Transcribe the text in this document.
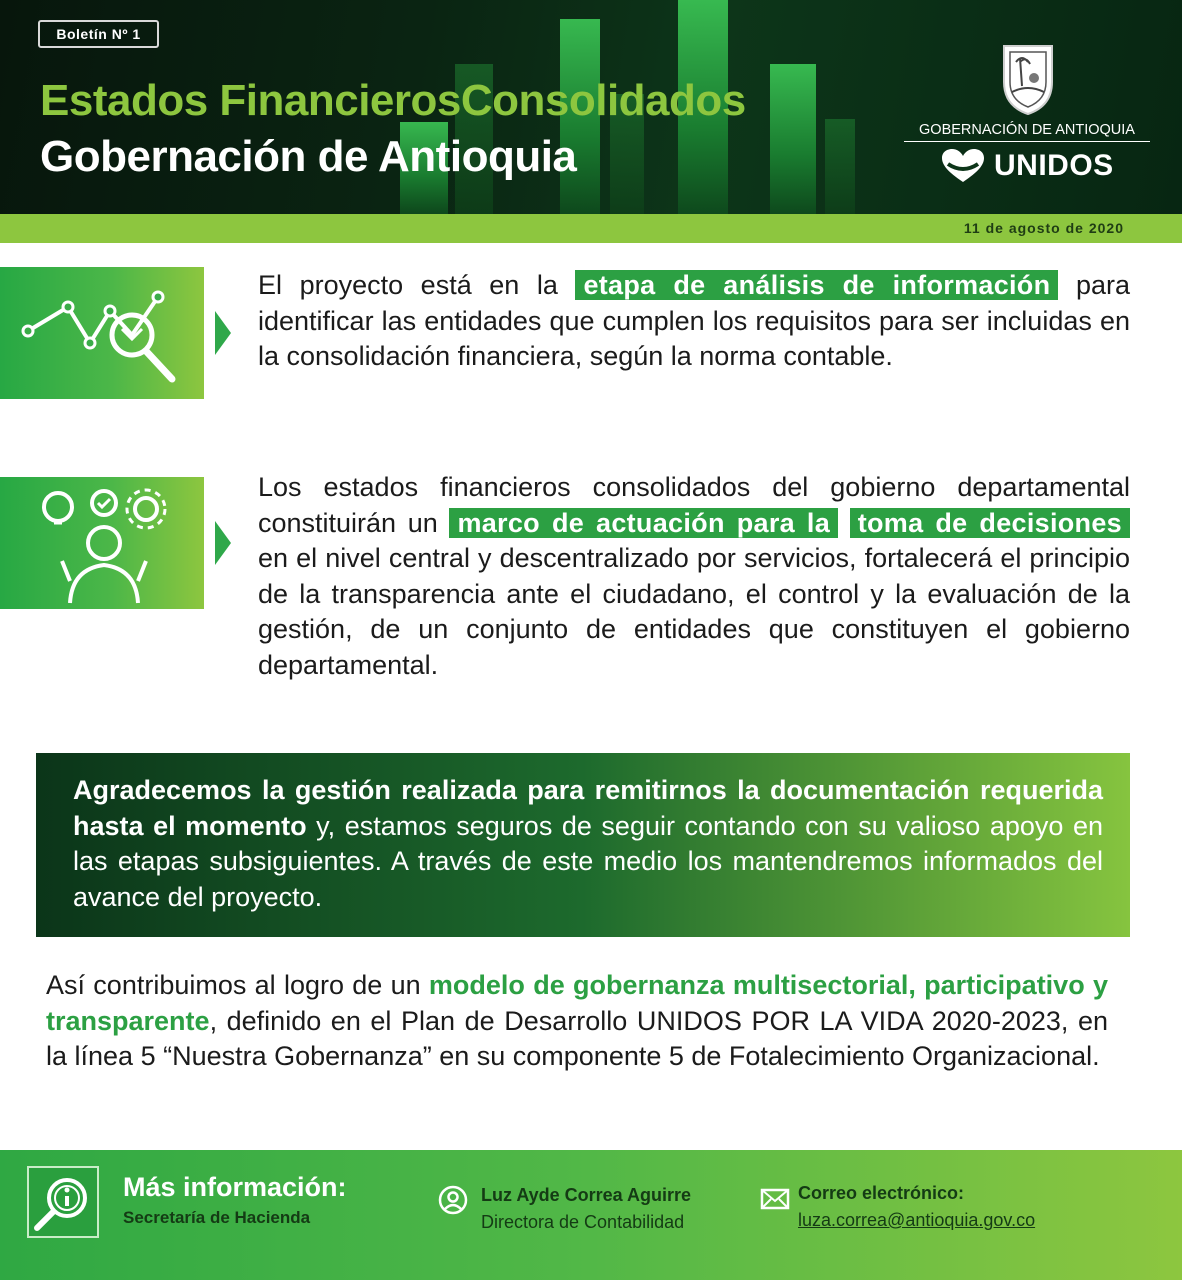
Boletín Nº 1
Estados FinancierosConsolidados
Gobernación de Antioquia
GOBERNACIÓN DE ANTIOQUIA
UNIDOS
11 de agosto de 2020

El proyecto está en la etapa de análisis de información para identificar las entidades que cumplen los requisitos para ser incluidas en la consolidación financiera, según la norma contable.

Los estados financieros consolidados del gobierno departamental constituirán un marco de actuación para la toma de decisiones en el nivel central y descentralizado por servicios, fortalecerá el principio de la transparencia ante el ciudadano, el control y la evaluación de la gestión, de un conjunto de entidades que constituyen el gobierno departamental.

Agradecemos la gestión realizada para remitirnos la documentación requerida hasta el momento y, estamos seguros de seguir contando con su valioso apoyo en las etapas subsiguientes. A través de este medio los mantendremos informados del avance del proyecto.

Así contribuimos al logro de un modelo de gobernanza multisectorial, participativo y transparente, definido en el Plan de Desarrollo UNIDOS POR LA VIDA 2020-2023, en la línea 5 “Nuestra Gobernanza” en su componente 5 de Fotalecimiento Organizacional.

Más información:
Secretaría de Hacienda
Luz Ayde Correa Aguirre
Directora de Contabilidad
Correo electrónico:
luza.correa@antioquia.gov.co
